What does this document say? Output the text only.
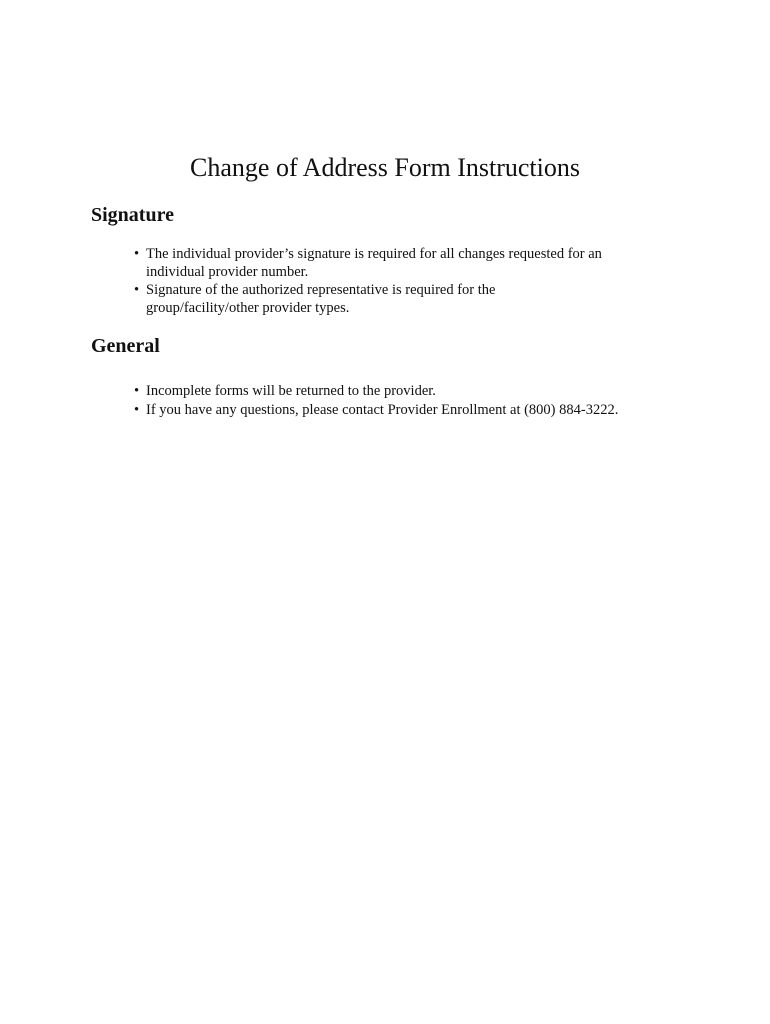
Change of Address Form Instructions
Signature
• The individual provider’s signature is required for all changes requested for an individual provider number.
• Signature of the authorized representative is required for the group/facility/other provider types.
General
• Incomplete forms will be returned to the provider.
• If you have any questions, please contact Provider Enrollment at (800) 884-3222.
